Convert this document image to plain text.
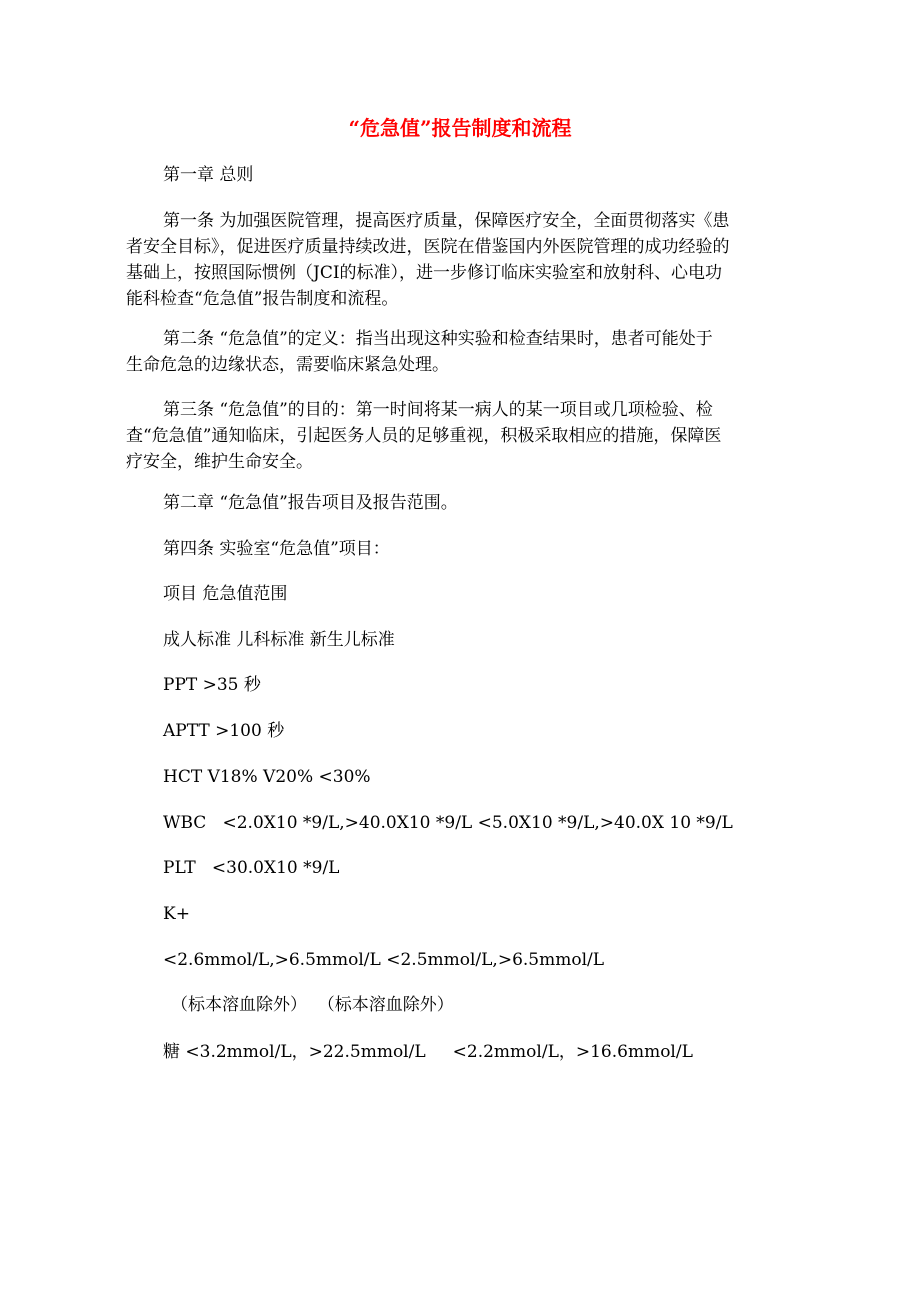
“危急值”报告制度和流程
第一章 总则
第一条 为加强医院管理，提高医疗质量，保障医疗安全，全面贯彻落实《患
者安全目标》，促进医疗质量持续改进，医院在借鉴国内外医院管理的成功经验的
基础上，按照国际惯例（JCI的标准），进一步修订临床实验室和放射科、心电功
能科检查“危急值”报告制度和流程。
第二条 “危急值”的定义：指当出现这种实验和检查结果时，患者可能处于
生命危急的边缘状态，需要临床紧急处理。
第三条 “危急值”的目的：第一时间将某一病人的某一项目或几项检验、检
查“危急值”通知临床，引起医务人员的足够重视，积极采取相应的措施，保障医
疗安全，维护生命安全。
第二章 “危急值”报告项目及报告范围。
第四条 实验室“危急值”项目：
项目 危急值范围
成人标准 儿科标准 新生儿标准
PPT >35 秒
APTT >100 秒
HCT V18% V20% <30%
WBC   <2.0X10 *9/L,>40.0X10 *9/L <5.0X10 *9/L,>40.0X 10 *9/L
PLT   <30.0X10 *9/L
K+
<2.6mmol/L,>6.5mmol/L <2.5mmol/L,>6.5mmol/L
（标本溶血除外）  （标本溶血除外）
糖 <3.2mmol/L，>22.5mmol/L     <2.2mmol/L，>16.6mmol/L
